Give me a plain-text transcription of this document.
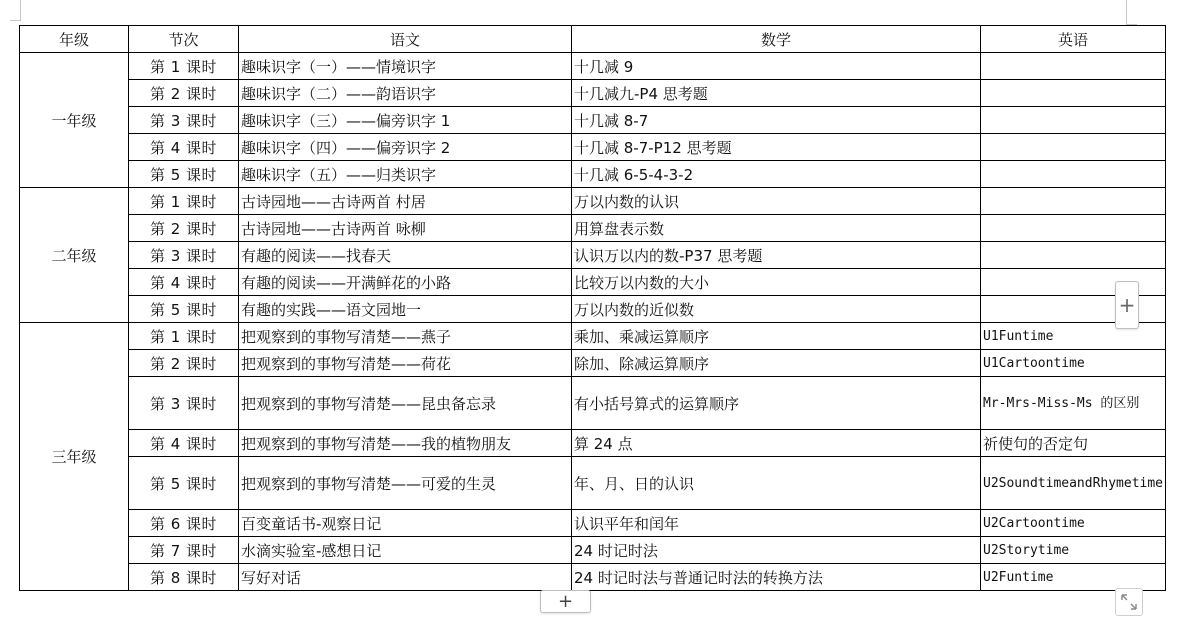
年级	节次	语文	数学	英语
一年级	第 1 课时	趣味识字（一）——情境识字	十几减 9	
	第 2 课时	趣味识字（二）——韵语识字	十几减九-P4 思考题	
	第 3 课时	趣味识字（三）——偏旁识字 1	十几减 8-7	
	第 4 课时	趣味识字（四）——偏旁识字 2	十几减 8-7-P12 思考题	
	第 5 课时	趣味识字（五）——归类识字	十几减 6-5-4-3-2	
二年级	第 1 课时	古诗园地——古诗两首 村居	万以内数的认识	
	第 2 课时	古诗园地——古诗两首 咏柳	用算盘表示数	
	第 3 课时	有趣的阅读——找春天	认识万以内的数-P37 思考题	
	第 4 课时	有趣的阅读——开满鲜花的小路	比较万以内数的大小	
	第 5 课时	有趣的实践——语文园地一	万以内数的近似数	
三年级	第 1 课时	把观察到的事物写清楚——燕子	乘加、乘减运算顺序	U1Funtime
	第 2 课时	把观察到的事物写清楚——荷花	除加、除减运算顺序	U1Cartoontime
	第 3 课时	把观察到的事物写清楚——昆虫备忘录	有小括号算式的运算顺序	Mr-Mrs-Miss-Ms 的区别
	第 4 课时	把观察到的事物写清楚——我的植物朋友	算 24 点	祈使句的否定句
	第 5 课时	把观察到的事物写清楚——可爱的生灵	年、月、日的认识	U2SoundtimeandRhymetime
	第 6 课时	百变童话书-观察日记	认识平年和闰年	U2Cartoontime
	第 7 课时	水滴实验室-感想日记	24 时记时法	U2Storytime
	第 8 课时	写好对话	24 时记时法与普通记时法的转换方法	U2Funtime
+
+
